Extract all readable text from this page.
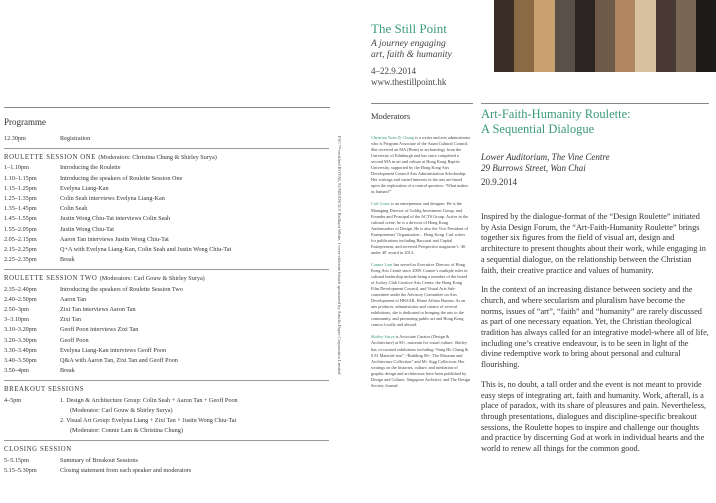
The Still Point
A journey engaging
art, faith & humanity
4–22.9.2014
www.thestillpoint.hk
Programme
12.30pm	Registration
ROULETTE SESSION ONE (Moderators: Christina Chung & Shirley Surya)
1–1.10pm	Introducing the Roulette
1.10–1.15pm	Introducing the speakers of Roulette Session One
1.15–1.25pm	Evelyna Liang-Kan
1.25–1.35pm	Colin Seah interviews Evelyna Liang-Kan
1.35–1.45pm	Colin Seah
1.45–1.55pm	Justin Wong Chiu-Tat interviews Colin Seah
1.55–2.05pm	Justin Wong Chiu-Tat
2.05–2.15pm	Aaron Tan interviews Justin Wong Chiu-Tat
2.15–2.25pm	Q+A with Evelyna Liang-Kan, Colin Seah and Justin Wong Chiu-Tat
2.25–2.35pm	Break
ROULETTE SESSION TWO (Moderators: Carl Gouw & Shirley Surya)
2.35–2.40pm	Introducing the speakers of Roulette Session Two
2.40–2.50pm	Aaron Tan
2.50–3pm	Zixi Tan interviews Aaron Tan
3–3.10pm	Zixi Tan
3.10–3.20pm	Geoff Poon interviews Zixi Tan
3.20–3.30pm	Geoff Poon
3.30–3.40pm	Evelyna Liang-Kan interviews Geoff Poon
3.40–3.50pm	Q&A with Aaron Tan, Zixi Tan and Geoff Poon
3.50–4pm	Break
BREAKOUT SESSIONS
4–5pm	1. Design & Architecture Group: Colin Seah + Aaron Tan + Geoff Poon
(Moderator: Carl Gouw & Shirley Surya)
2. Visual Art Group: Evelyna Liang + Zixi Tan + Justin Wong Chiu-Tat
(Moderator: Connie Lam & Christina Chung)
CLOSING SESSION
5–5.15pm	Summary of Breakout Sessions
5.15–5.30pm	Closing statement from each speaker and moderators
FSC™-certified ROYAL SUNDANCE® Brilliant White, 1-over-chlorine bleach sponsored by Antalis Paper Corporation Limited
Moderators

Christina Yuen Zi Chung is a writer and arts administrator who is Program Associate of the Asian Cultural Council. She received an MA (Hons) in archaeology from the University of Edinburgh and has since completed a second MA in art and culture at Hong Kong Baptist University, supported by the Hong Kong Arts Development Council Arts Administration Scholarship. Her writings and varied interests in the arts are based upon the exploration of a central question: “What makes us human?”

Carl Gouw is an entrepreneur and designer. He is the Managing Director of Goldig Investment Group, and Founder and Principal of the ACTS Group. Active in the cultural scene, he is a director of Hong Kong Ambassadors of Design. He is also the Vice President of Entrepreneurs’ Organisation – Hong Kong. Carl writes for publications including Baccarat and Capital Entrepreneur, and received Perspective magazine’s ‘40 under 40’ award in 2014.

Connie Lam has served as Executive Director of Hong Kong Arts Centre since 2009. Connie’s multiple roles in cultural leadership include being a member of the board of Jockey Club Creative Arts Centre, the Hong Kong Film Development Council, and Visual Arts Sub-committee under the Advisory Committee on Arts Development of HKSAR, Home Affairs Bureau. As an arts producer, administrator and curator of several exhibitions, she is dedicated to bringing the arts to the community, and promoting public art and Hong Kong comics locally and abroad.

Shirley Surya is Associate Curator (Design & Architecture) at M+, museum for visual culture. Shirley has co-curated exhibitions including “Sung Ho Chang & 0.91 Material-ism”, “Building M+: The Museum and Architecture Collection” and M+ Sigg Collection: Her writings on the histories, culture, and mediation of graphic design and architecture have been published by Design and Culture, Singapore Architect, and The Design Society Journal.

Art-Faith-Humanity Roulette:
A Sequential Dialogue
Lower Auditorium, The Vine Centre
29 Burrows Street, Wan Chai
20.9.2014

Inspired by the dialogue-format of the “Design Roulette” initiated by Asia Design Forum, the “Art-Faith-Humanity Roulette” brings together six figures from the field of visual art, design and architecture to present thoughts about their work, while engaging in a sequential dialogue, on the relationship between the Christian faith, their creative practice and values of humanity.

In the context of an increasing distance between society and the church, and where secularism and pluralism have become the norms, issues of “art”, “faith” and “humanity” are rarely discussed as part of one necessary equation. Yet, the Christian theological tradition has always called for an integrative model-where all of life, including one’s creative endeavour, is to be seen in light of the divine redemptive work to bring about personal and cultural flourishing.

This is, no doubt, a tall order and the event is not meant to provide easy steps of integrating art, faith and humanity. Work, afterall, is a place of paradox, with its share of pleasures and pain. Nevertheless, through presentations, dialogues and discipline-specific breakout sessions, the Roulette hopes to inspire and challenge our thoughts and practice by discerning God at work in individual hearts and the world to renew all things for the common good.
